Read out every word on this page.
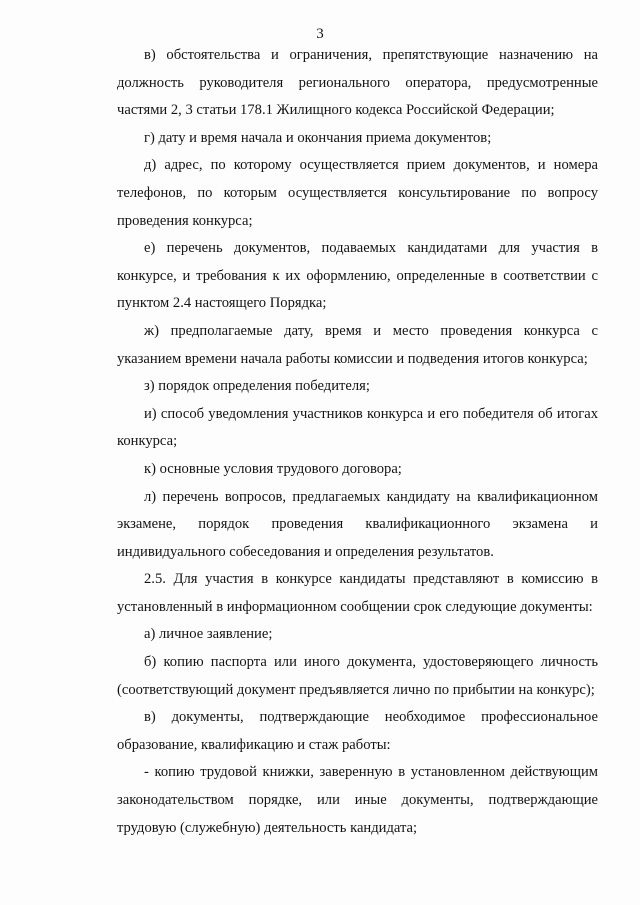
3

в) обстоятельства и ограничения, препятствующие назначению на должность руководителя регионального оператора, предусмотренные частями 2, 3 статьи 178.1 Жилищного кодекса Российской Федерации;

г) дату и время начала и окончания приема документов;

д) адрес, по которому осуществляется прием документов, и номера телефонов, по которым осуществляется консультирование по вопросу проведения конкурса;

е) перечень документов, подаваемых кандидатами для участия в конкурсе, и требования к их оформлению, определенные в соответствии с пунктом 2.4 настоящего Порядка;

ж) предполагаемые дату, время и место проведения конкурса с указанием времени начала работы комиссии и подведения итогов конкурса;

з) порядок определения победителя;

и) способ уведомления участников конкурса и его победителя об итогах конкурса;

к) основные условия трудового договора;

л) перечень вопросов, предлагаемых кандидату на квалификационном экзамене, порядок проведения квалификационного экзамена и индивидуального собеседования и определения результатов.

2.5. Для участия в конкурсе кандидаты представляют в комиссию в установленный в информационном сообщении срок следующие документы:

а) личное заявление;

б) копию паспорта или иного документа, удостоверяющего личность (соответствующий документ предъявляется лично по прибытии на конкурс);

в) документы, подтверждающие необходимое профессиональное образование, квалификацию и стаж работы:

- копию трудовой книжки, заверенную в установленном действующим законодательством порядке, или иные документы, подтверждающие трудовую (служебную) деятельность кандидата;
